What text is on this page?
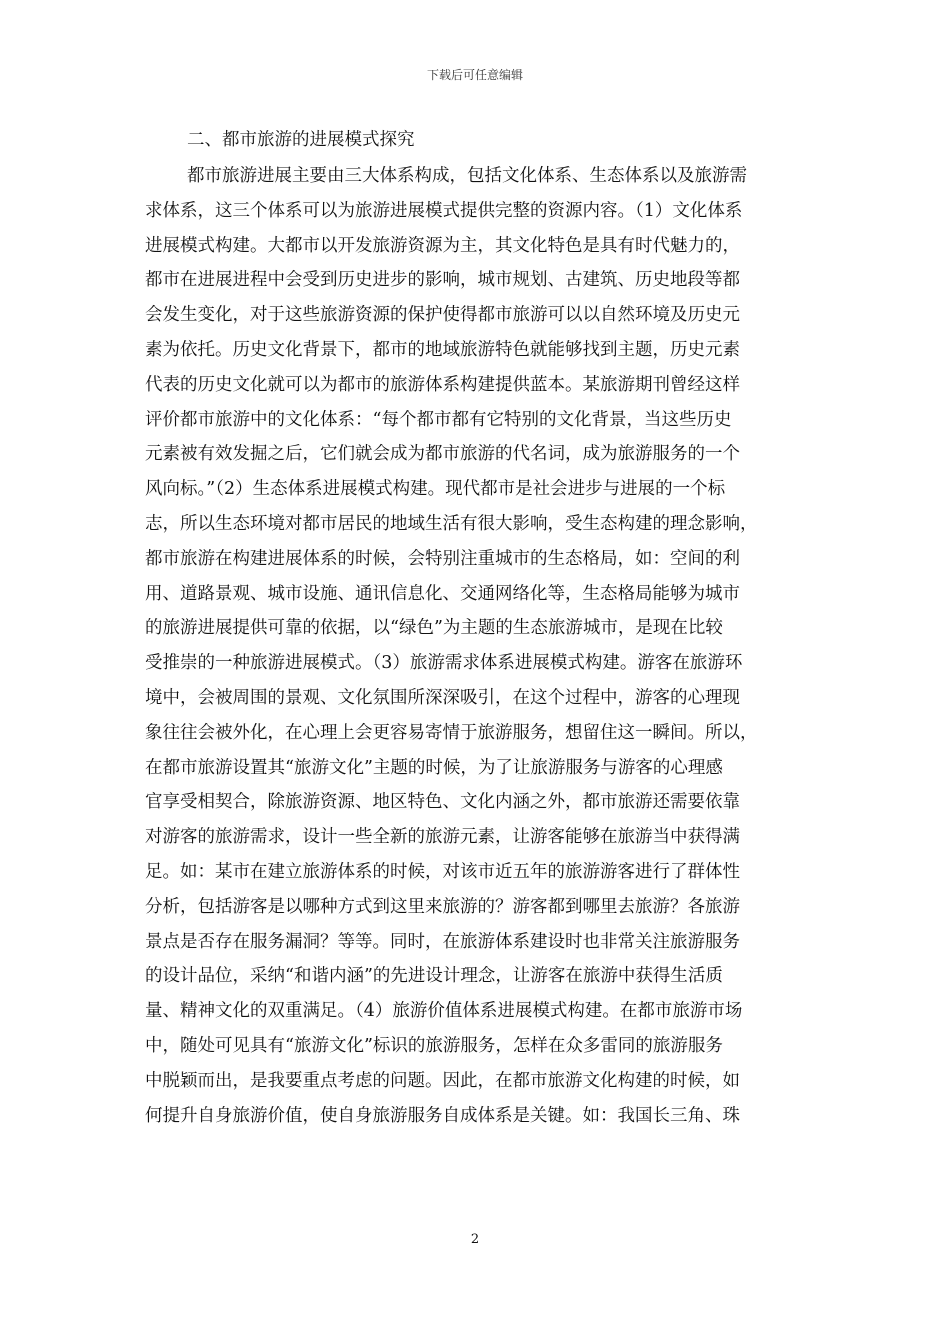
下载后可任意编辑
二、都市旅游的进展模式探究
都市旅游进展主要由三大体系构成，包括文化体系、生态体系以及旅游需
求体系，这三个体系可以为旅游进展模式提供完整的资源内容。（1）文化体系
进展模式构建。大都市以开发旅游资源为主，其文化特色是具有时代魅力的，
都市在进展进程中会受到历史进步的影响，城市规划、古建筑、历史地段等都
会发生变化，对于这些旅游资源的保护使得都市旅游可以以自然环境及历史元
素为依托。历史文化背景下，都市的地域旅游特色就能够找到主题，历史元素
代表的历史文化就可以为都市的旅游体系构建提供蓝本。某旅游期刊曾经这样
评价都市旅游中的文化体系：“每个都市都有它特别的文化背景，当这些历史
元素被有效发掘之后，它们就会成为都市旅游的代名词，成为旅游服务的一个
风向标。”（2）生态体系进展模式构建。现代都市是社会进步与进展的一个标
志，所以生态环境对都市居民的地域生活有很大影响，受生态构建的理念影响，
都市旅游在构建进展体系的时候，会特别注重城市的生态格局，如：空间的利
用、道路景观、城市设施、通讯信息化、交通网络化等，生态格局能够为城市
的旅游进展提供可靠的依据，以“绿色”为主题的生态旅游城市，是现在比较
受推崇的一种旅游进展模式。（3）旅游需求体系进展模式构建。游客在旅游环
境中，会被周围的景观、文化氛围所深深吸引，在这个过程中，游客的心理现
象往往会被外化，在心理上会更容易寄情于旅游服务，想留住这一瞬间。所以，
在都市旅游设置其“旅游文化”主题的时候，为了让旅游服务与游客的心理感
官享受相契合，除旅游资源、地区特色、文化内涵之外，都市旅游还需要依靠
对游客的旅游需求，设计一些全新的旅游元素，让游客能够在旅游当中获得满
足。如：某市在建立旅游体系的时候，对该市近五年的旅游游客进行了群体性
分析，包括游客是以哪种方式到这里来旅游的？游客都到哪里去旅游？各旅游
景点是否存在服务漏洞？等等。同时，在旅游体系建设时也非常关注旅游服务
的设计品位，采纳“和谐内涵”的先进设计理念，让游客在旅游中获得生活质
量、精神文化的双重满足。（4）旅游价值体系进展模式构建。在都市旅游市场
中，随处可见具有“旅游文化”标识的旅游服务，怎样在众多雷同的旅游服务
中脱颖而出，是我要重点考虑的问题。因此，在都市旅游文化构建的时候，如
何提升自身旅游价值，使自身旅游服务自成体系是关键。如：我国长三角、珠
2
